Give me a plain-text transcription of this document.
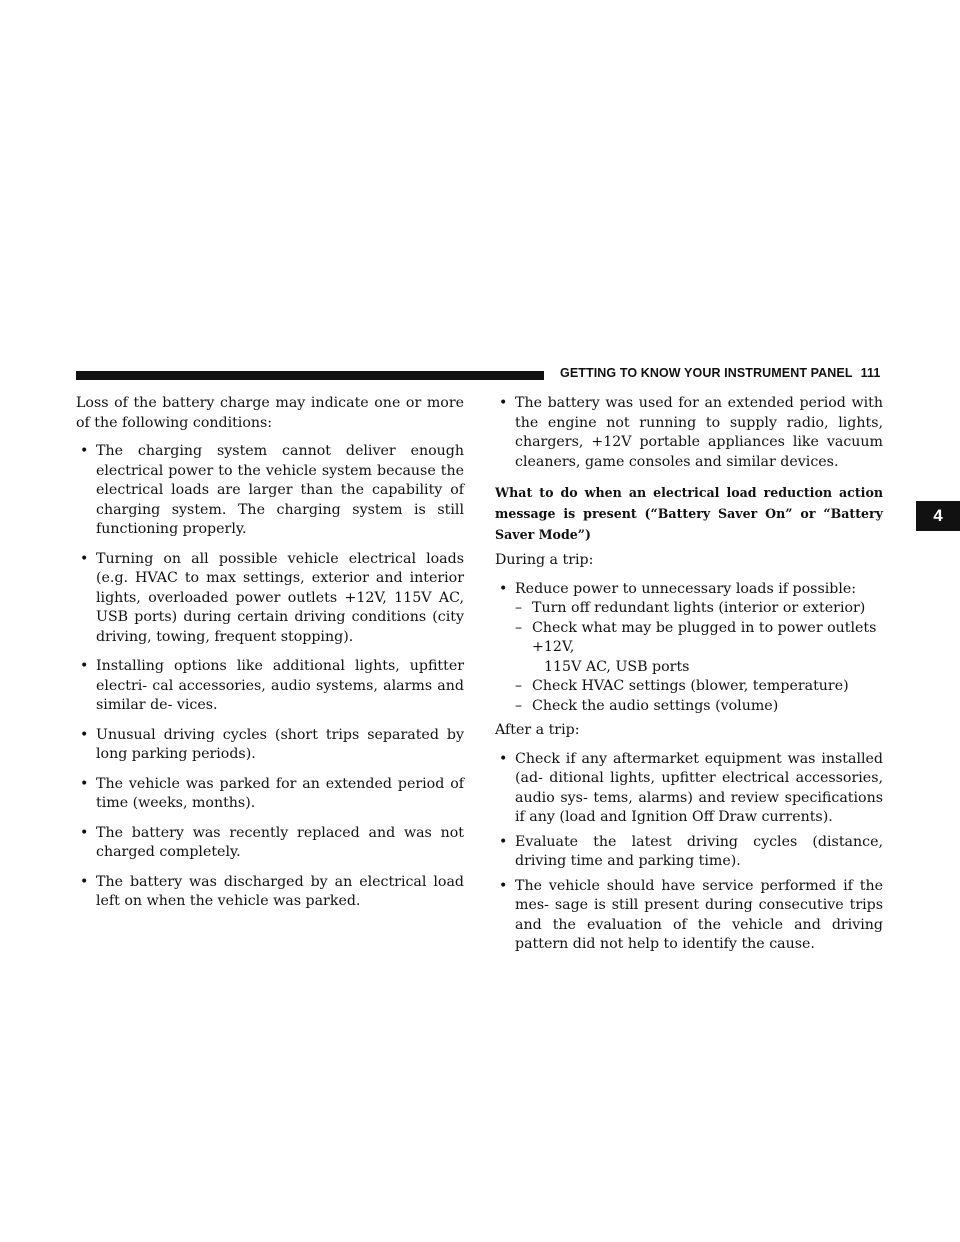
GETTING TO KNOW YOUR INSTRUMENT PANEL 111
4

Loss of the battery charge may indicate one or more of the following conditions:

• The charging system cannot deliver enough electrical power to the vehicle system because the electrical loads are larger than the capability of charging system. The charging system is still functioning properly.
• Turning on all possible vehicle electrical loads (e.g. HVAC to max settings, exterior and interior lights, overloaded power outlets +12V, 115V AC, USB ports) during certain driving conditions (city driving, towing, frequent stopping).
• Installing options like additional lights, upfitter electri- cal accessories, audio systems, alarms and similar de- vices.
• Unusual driving cycles (short trips separated by long parking periods).
• The vehicle was parked for an extended period of time (weeks, months).
• The battery was recently replaced and was not charged completely.
• The battery was discharged by an electrical load left on when the vehicle was parked.
• The battery was used for an extended period with the engine not running to supply radio, lights, chargers, +12V portable appliances like vacuum cleaners, game consoles and similar devices.
What to do when an electrical load reduction action message is present (“Battery Saver On” or “Battery Saver Mode”)

During a trip:

• Reduce power to unnecessary loads if possible:
– Turn off redundant lights (interior or exterior)
– Check what may be plugged in to power outlets +12V,
115V AC, USB ports
– Check HVAC settings (blower, temperature)
– Check the audio settings (volume)

After a trip:

• Check if any aftermarket equipment was installed (ad- ditional lights, upfitter electrical accessories, audio sys- tems, alarms) and review specifications if any (load and Ignition Off Draw currents).
• Evaluate the latest driving cycles (distance, driving time and parking time).
• The vehicle should have service performed if the mes- sage is still present during consecutive trips and the evaluation of the vehicle and driving pattern did not help to identify the cause.
